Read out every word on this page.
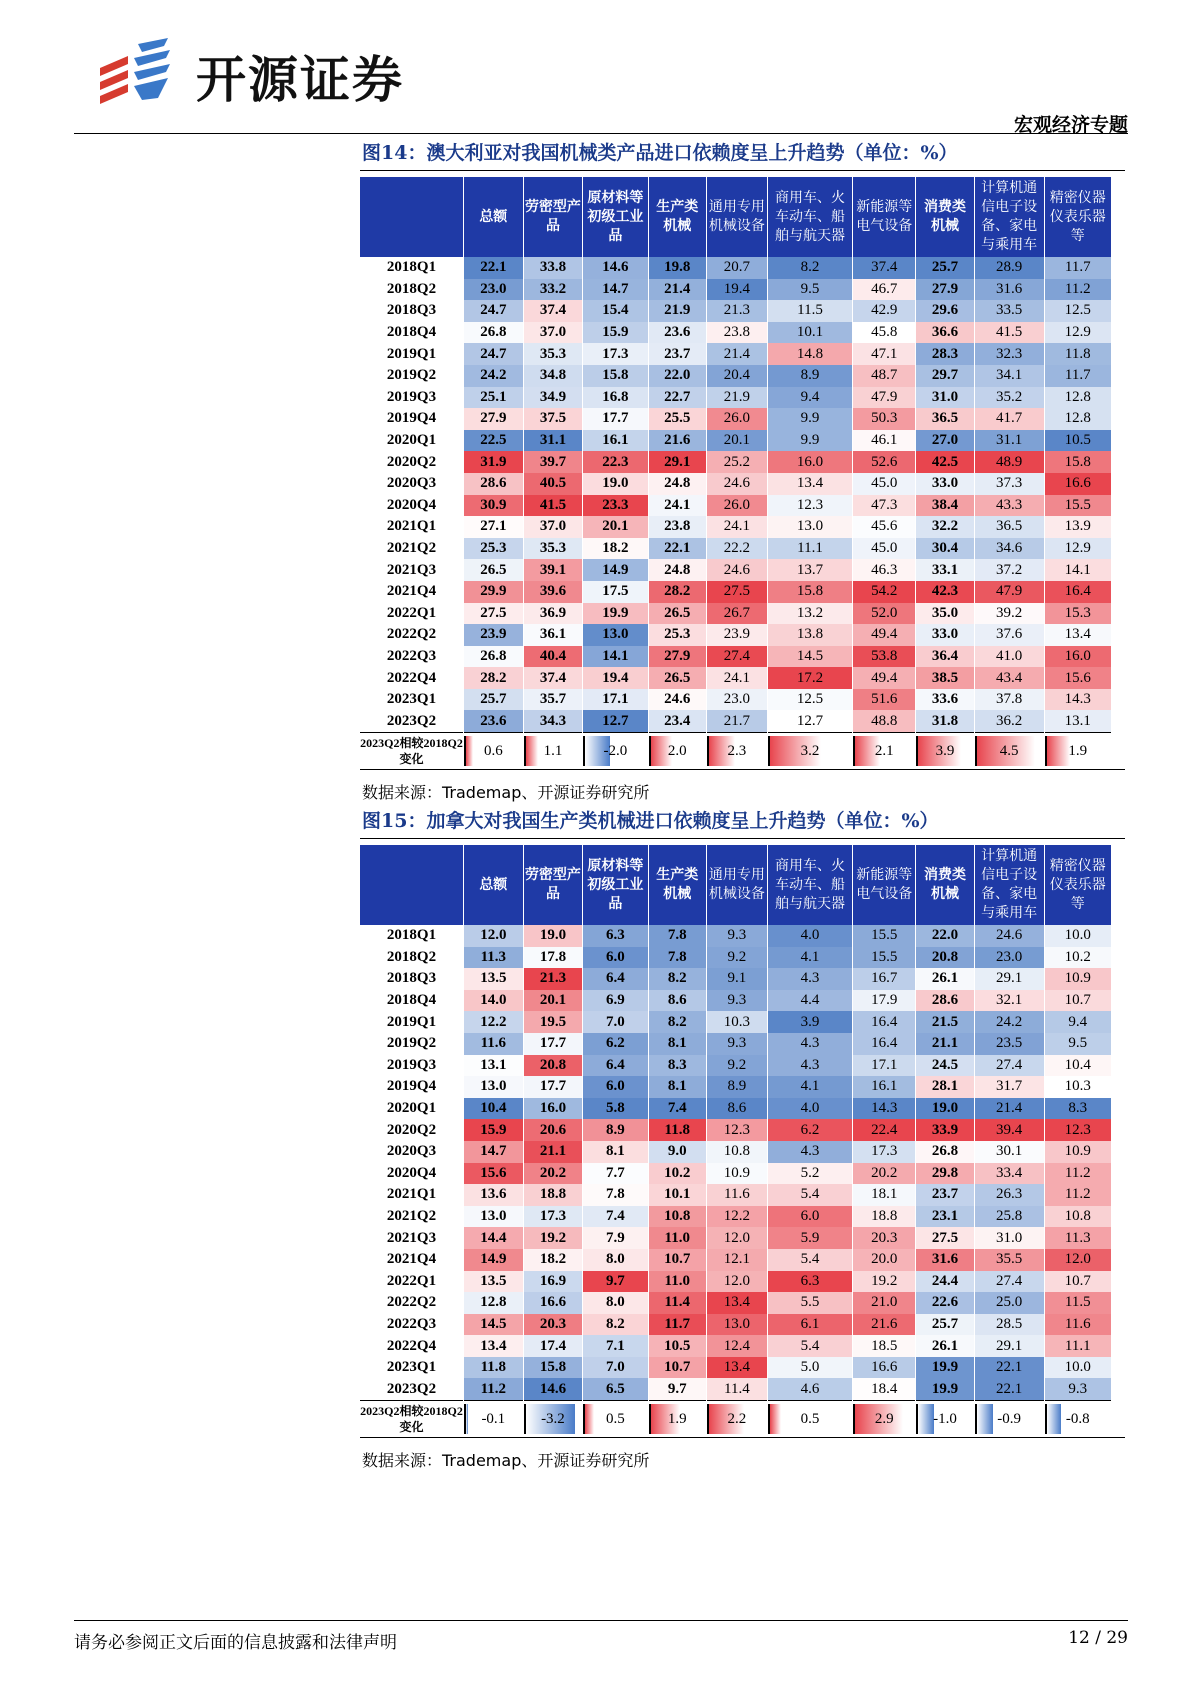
开源证券
宏观经济专题
图14：澳大利亚对我国机械类产品进口依赖度呈上升趋势（单位：%）
	总额	劳密型产品	原材料等初级工业品	生产类机械	通用专用机械设备	商用车、火车动车、船舶与航天器	新能源等电气设备	消费类机械	计算机通信电子设备、家电与乘用车	精密仪器仪表乐器等
2018Q1	22.1	33.8	14.6	19.8	20.7	8.2	37.4	25.7	28.9	11.7
2018Q2	23.0	33.2	14.7	21.4	19.4	9.5	46.7	27.9	31.6	11.2
2018Q3	24.7	37.4	15.4	21.9	21.3	11.5	42.9	29.6	33.5	12.5
2018Q4	26.8	37.0	15.9	23.6	23.8	10.1	45.8	36.6	41.5	12.9
2019Q1	24.7	35.3	17.3	23.7	21.4	14.8	47.1	28.3	32.3	11.8
2019Q2	24.2	34.8	15.8	22.0	20.4	8.9	48.7	29.7	34.1	11.7
2019Q3	25.1	34.9	16.8	22.7	21.9	9.4	47.9	31.0	35.2	12.8
2019Q4	27.9	37.5	17.7	25.5	26.0	9.9	50.3	36.5	41.7	12.8
2020Q1	22.5	31.1	16.1	21.6	20.1	9.9	46.1	27.0	31.1	10.5
2020Q2	31.9	39.7	22.3	29.1	25.2	16.0	52.6	42.5	48.9	15.8
2020Q3	28.6	40.5	19.0	24.8	24.6	13.4	45.0	33.0	37.3	16.6
2020Q4	30.9	41.5	23.3	24.1	26.0	12.3	47.3	38.4	43.3	15.5
2021Q1	27.1	37.0	20.1	23.8	24.1	13.0	45.6	32.2	36.5	13.9
2021Q2	25.3	35.3	18.2	22.1	22.2	11.1	45.0	30.4	34.6	12.9
2021Q3	26.5	39.1	14.9	24.8	24.6	13.7	46.3	33.1	37.2	14.1
2021Q4	29.9	39.6	17.5	28.2	27.5	15.8	54.2	42.3	47.9	16.4
2022Q1	27.5	36.9	19.9	26.5	26.7	13.2	52.0	35.0	39.2	15.3
2022Q2	23.9	36.1	13.0	25.3	23.9	13.8	49.4	33.0	37.6	13.4
2022Q3	26.8	40.4	14.1	27.9	27.4	14.5	53.8	36.4	41.0	16.0
2022Q4	28.2	37.4	19.4	26.5	24.1	17.2	49.4	38.5	43.4	15.6
2023Q1	25.7	35.7	17.1	24.6	23.0	12.5	51.6	33.6	37.8	14.3
2023Q2	23.6	34.3	12.7	23.4	21.7	12.7	48.8	31.8	36.2	13.1
2023Q2相较2018Q2变化	0.6	1.1	-2.0	2.0	2.3	3.2	2.1	3.9	4.5	1.9
数据来源：Trademap、开源证券研究所
图15：加拿大对我国生产类机械进口依赖度呈上升趋势（单位：%）
	总额	劳密型产品	原材料等初级工业品	生产类机械	通用专用机械设备	商用车、火车动车、船舶与航天器	新能源等电气设备	消费类机械	计算机通信电子设备、家电与乘用车	精密仪器仪表乐器等
2018Q1	12.0	19.0	6.3	7.8	9.3	4.0	15.5	22.0	24.6	10.0
2018Q2	11.3	17.8	6.0	7.8	9.2	4.1	15.5	20.8	23.0	10.2
2018Q3	13.5	21.3	6.4	8.2	9.1	4.3	16.7	26.1	29.1	10.9
2018Q4	14.0	20.1	6.9	8.6	9.3	4.4	17.9	28.6	32.1	10.7
2019Q1	12.2	19.5	7.0	8.2	10.3	3.9	16.4	21.5	24.2	9.4
2019Q2	11.6	17.7	6.2	8.1	9.3	4.3	16.4	21.1	23.5	9.5
2019Q3	13.1	20.8	6.4	8.3	9.2	4.3	17.1	24.5	27.4	10.4
2019Q4	13.0	17.7	6.0	8.1	8.9	4.1	16.1	28.1	31.7	10.3
2020Q1	10.4	16.0	5.8	7.4	8.6	4.0	14.3	19.0	21.4	8.3
2020Q2	15.9	20.6	8.9	11.8	12.3	6.2	22.4	33.9	39.4	12.3
2020Q3	14.7	21.1	8.1	9.0	10.8	4.3	17.3	26.8	30.1	10.9
2020Q4	15.6	20.2	7.7	10.2	10.9	5.2	20.2	29.8	33.4	11.2
2021Q1	13.6	18.8	7.8	10.1	11.6	5.4	18.1	23.7	26.3	11.2
2021Q2	13.0	17.3	7.4	10.8	12.2	6.0	18.8	23.1	25.8	10.8
2021Q3	14.4	19.2	7.9	11.0	12.0	5.9	20.3	27.5	31.0	11.3
2021Q4	14.9	18.2	8.0	10.7	12.1	5.4	20.0	31.6	35.5	12.0
2022Q1	13.5	16.9	9.7	11.0	12.0	6.3	19.2	24.4	27.4	10.7
2022Q2	12.8	16.6	8.0	11.4	13.4	5.5	21.0	22.6	25.0	11.5
2022Q3	14.5	20.3	8.2	11.7	13.0	6.1	21.6	25.7	28.5	11.6
2022Q4	13.4	17.4	7.1	10.5	12.4	5.4	18.5	26.1	29.1	11.1
2023Q1	11.8	15.8	7.0	10.7	13.4	5.0	16.6	19.9	22.1	10.0
2023Q2	11.2	14.6	6.5	9.7	11.4	4.6	18.4	19.9	22.1	9.3
2023Q2相较2018Q2变化	-0.1	-3.2	0.5	1.9	2.2	0.5	2.9	-1.0	-0.9	-0.8
数据来源：Trademap、开源证券研究所
请务必参阅正文后面的信息披露和法律声明	12 / 29
